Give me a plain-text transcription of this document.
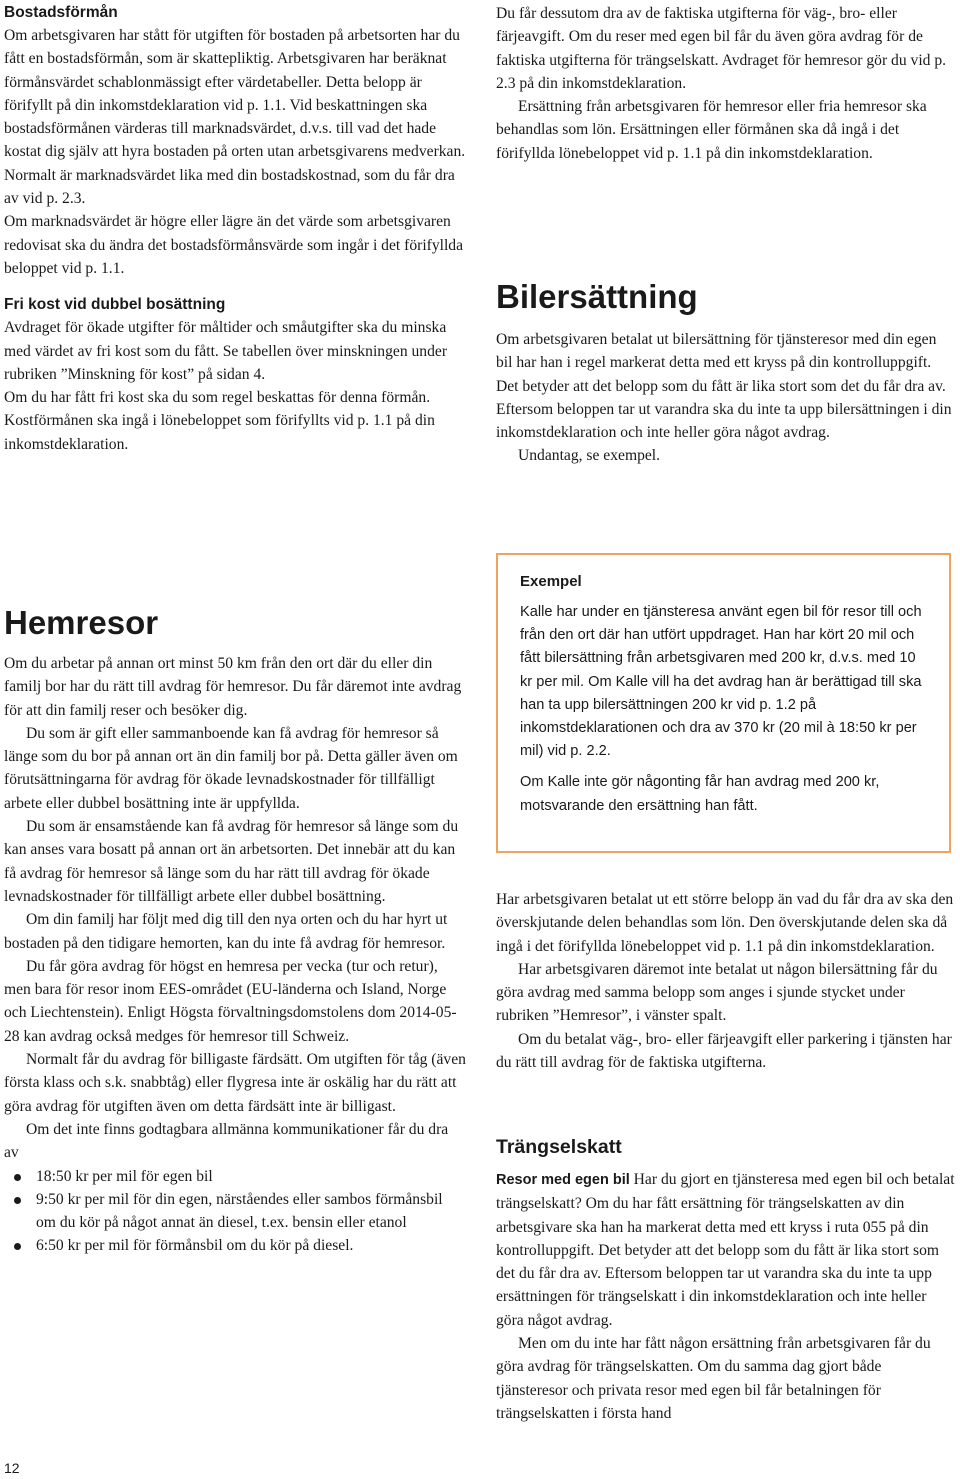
Bostadsförmån

Om arbetsgivaren har stått för utgiften för bostaden på arbetsorten har du fått en bostadsförmån, som är skattepliktig. Arbetsgivaren har beräknat förmånsvärdet schablonmässigt efter värdetabeller. Detta belopp är förifyllt på din inkomstdeklaration vid p. 1.1. Vid beskattningen ska bostadsförmånen värderas till marknadsvärdet, d.v.s. till vad det hade kostat dig själv att hyra bostaden på orten utan arbetsgivarens medverkan. Normalt är marknadsvärdet lika med din bostadskostnad, som du får dra av vid p. 2.3.

Om marknadsvärdet är högre eller lägre än det värde som arbetsgivaren redovisat ska du ändra det bostadsförmånsvärde som ingår i det förifyllda beloppet vid p. 1.1.

Fri kost vid dubbel bosättning

Avdraget för ökade utgifter för måltider och småutgifter ska du minska med värdet av fri kost som du fått. Se tabellen över minskningen under rubriken ”Minskning för kost” på sidan 4.

Om du har fått fri kost ska du som regel beskattas för denna förmån. Kostförmånen ska ingå i lönebeloppet som förifyllts vid p. 1.1 på din inkomstdeklaration.

Hemresor

Om du arbetar på annan ort minst 50 km från den ort där du eller din familj bor har du rätt till avdrag för hemresor. Du får däremot inte avdrag för att din familj reser och besöker dig.

Du som är gift eller sammanboende kan få avdrag för hemresor så länge som du bor på annan ort än din familj bor på. Detta gäller även om förutsättningarna för avdrag för ökade levnadskostnader för tillfälligt arbete eller dubbel bosättning inte är uppfyllda.

Du som är ensamstående kan få avdrag för hemresor så länge som du kan anses vara bosatt på annan ort än arbetsorten. Det innebär att du kan få avdrag för hemresor så länge som du har rätt till avdrag för ökade levnadskostnader för tillfälligt arbete eller dubbel bosättning.

Om din familj har följt med dig till den nya orten och du har hyrt ut bostaden på den tidigare hemorten, kan du inte få avdrag för hemresor.

Du får göra avdrag för högst en hemresa per vecka (tur och retur), men bara för resor inom EES-området (EU-länderna och Island, Norge och Liechtenstein). Enligt Högsta förvaltningsdomstolens dom 2014-05-28 kan avdrag också medges för hemresor till Schweiz.

Normalt får du avdrag för billigaste färdsätt. Om utgiften för tåg (även första klass och s.k. snabbtåg) eller flygresa inte är oskälig har du rätt att göra avdrag för utgiften även om detta färdsätt inte är billigast.

Om det inte finns godtagbara allmänna kommunikationer får du dra av

18:50 kr per mil för egen bil
9:50 kr per mil för din egen, närståendes eller sambos förmånsbil om du kör på något annat än diesel, t.ex. bensin eller etanol
6:50 kr per mil för förmånsbil om du kör på diesel.

Du får dessutom dra av de faktiska utgifterna för väg-, bro- eller färjeavgift. Om du reser med egen bil får du även göra avdrag för de faktiska utgifterna för trängselskatt. Avdraget för hemresor gör du vid p. 2.3 på din inkomstdeklaration.

Ersättning från arbetsgivaren för hemresor eller fria hemresor ska behandlas som lön. Ersättningen eller förmånen ska då ingå i det förifyllda lönebeloppet vid p. 1.1 på din inkomstdeklaration.

Bilersättning

Om arbetsgivaren betalat ut bilersättning för tjänsteresor med din egen bil har han i regel markerat detta med ett kryss på din kontrolluppgift. Det betyder att det belopp som du fått är lika stort som det du får dra av. Eftersom beloppen tar ut varandra ska du inte ta upp bilersättningen i din inkomstdeklaration och inte heller göra något avdrag.

Undantag, se exempel.

Exempel

Kalle har under en tjänsteresa använt egen bil för resor till och från den ort där han utfört uppdraget. Han har kört 20 mil och fått bilersättning från arbetsgivaren med 200 kr, d.v.s. med 10 kr per mil. Om Kalle vill ha det avdrag han är berättigad till ska han ta upp bilersättningen 200 kr vid p. 1.2 på inkomstdeklarationen och dra av 370 kr (20 mil à 18:50 kr per mil) vid p. 2.2.

Om Kalle inte gör någonting får han avdrag med 200 kr, motsvarande den ersättning han fått.

Har arbetsgivaren betalat ut ett större belopp än vad du får dra av ska den överskjutande delen behandlas som lön. Den överskjutande delen ska då ingå i det förifyllda lönebeloppet vid p. 1.1 på din inkomstdeklaration.

Har arbetsgivaren däremot inte betalat ut någon bilersättning får du göra avdrag med samma belopp som anges i sjunde stycket under rubriken ”Hemresor”, i vänster spalt.

Om du betalat väg-, bro- eller färjeavgift eller parkering i tjänsten har du rätt till avdrag för de faktiska utgifterna.

Trängselskatt

Resor med egen bil Har du gjort en tjänsteresa med egen bil och betalat trängselskatt? Om du har fått ersättning för trängselskatten av din arbetsgivare ska han ha markerat detta med ett kryss i ruta 055 på din kontrolluppgift. Det betyder att det belopp som du fått är lika stort som det du får dra av. Eftersom beloppen tar ut varandra ska du inte ta upp ersättningen för trängselskatt i din inkomstdeklaration och inte heller göra något avdrag.

Men om du inte har fått någon ersättning från arbetsgivaren får du göra avdrag för trängselskatten. Om du samma dag gjort både tjänsteresor och privata resor med egen bil får betalningen för trängselskatten i första hand

12
